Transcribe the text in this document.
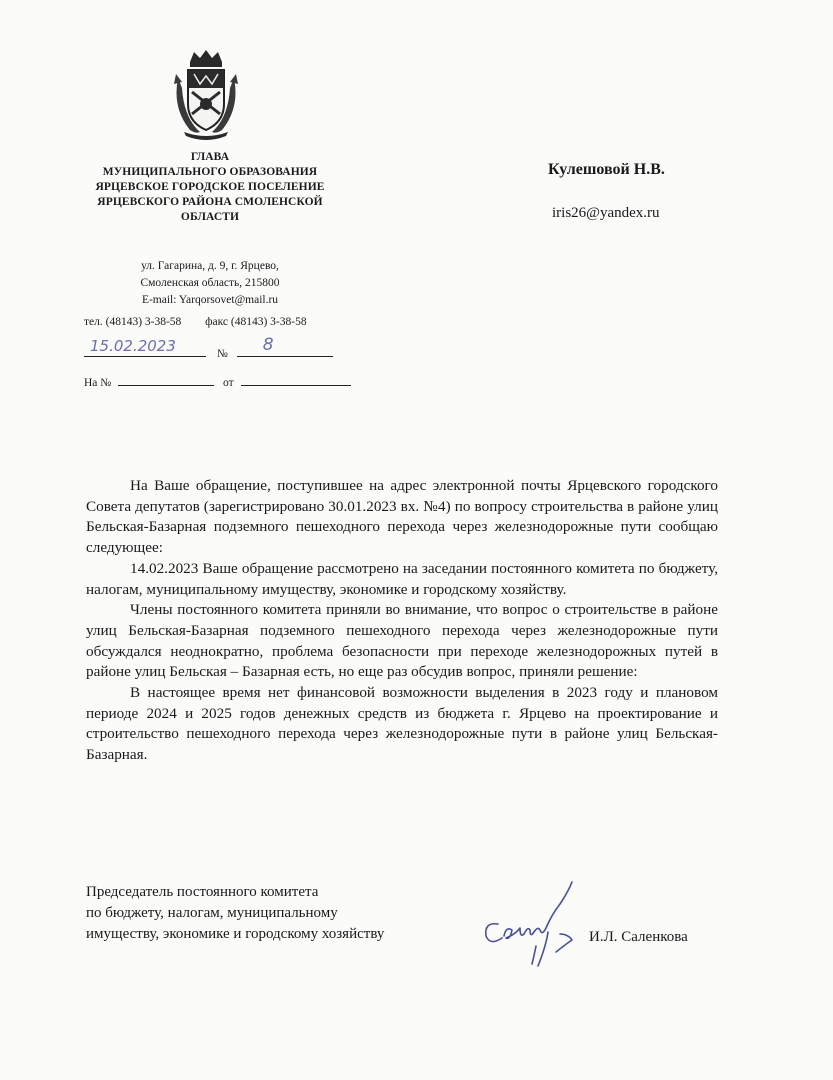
ГЛАВА
МУНИЦИПАЛЬНОГО ОБРАЗОВАНИЯ
ЯРЦЕВСКОЕ ГОРОДСКОЕ ПОСЕЛЕНИЕ
ЯРЦЕВСКОГО РАЙОНА СМОЛЕНСКОЙ
ОБЛАСТИ
ул. Гагарина, д. 9, г. Ярцево,
Смоленская область, 215800
E-mail: Yarqorsovet@mail.ru
тел. (48143) 3-38-58 факс (48143) 3-38-58
15.02.2023	№ 8
На №	от
Кулешовой Н.В.
iris26@yandex.ru

На Ваше обращение, поступившее на адрес электронной почты Ярцевского городского Совета депутатов (зарегистрировано 30.01.2023 вх. №4) по вопросу строительства в районе улиц Бельская-Базарная подземного пешеходного перехода через железнодорожные пути сообщаю следующее:

14.02.2023 Ваше обращение рассмотрено на заседании постоянного комитета по бюджету, налогам, муниципальному имуществу, экономике и городскому хозяйству.

Члены постоянного комитета приняли во внимание, что вопрос о строительстве в районе улиц Бельская-Базарная подземного пешеходного перехода через железнодорожные пути обсуждался неоднократно, проблема безопасности при переходе железнодорожных путей в районе улиц Бельская – Базарная есть, но еще раз обсудив вопрос, приняли решение:

В настоящее время нет финансовой возможности выделения в 2023 году и плановом периоде 2024 и 2025 годов денежных средств из бюджета г. Ярцево на проектирование и строительство пешеходного перехода через железнодорожные пути в районе улиц Бельская-Базарная.

Председатель постоянного комитета
по бюджету, налогам, муниципальному
имуществу, экономике и городскому хозяйству	И.Л. Саленкова
